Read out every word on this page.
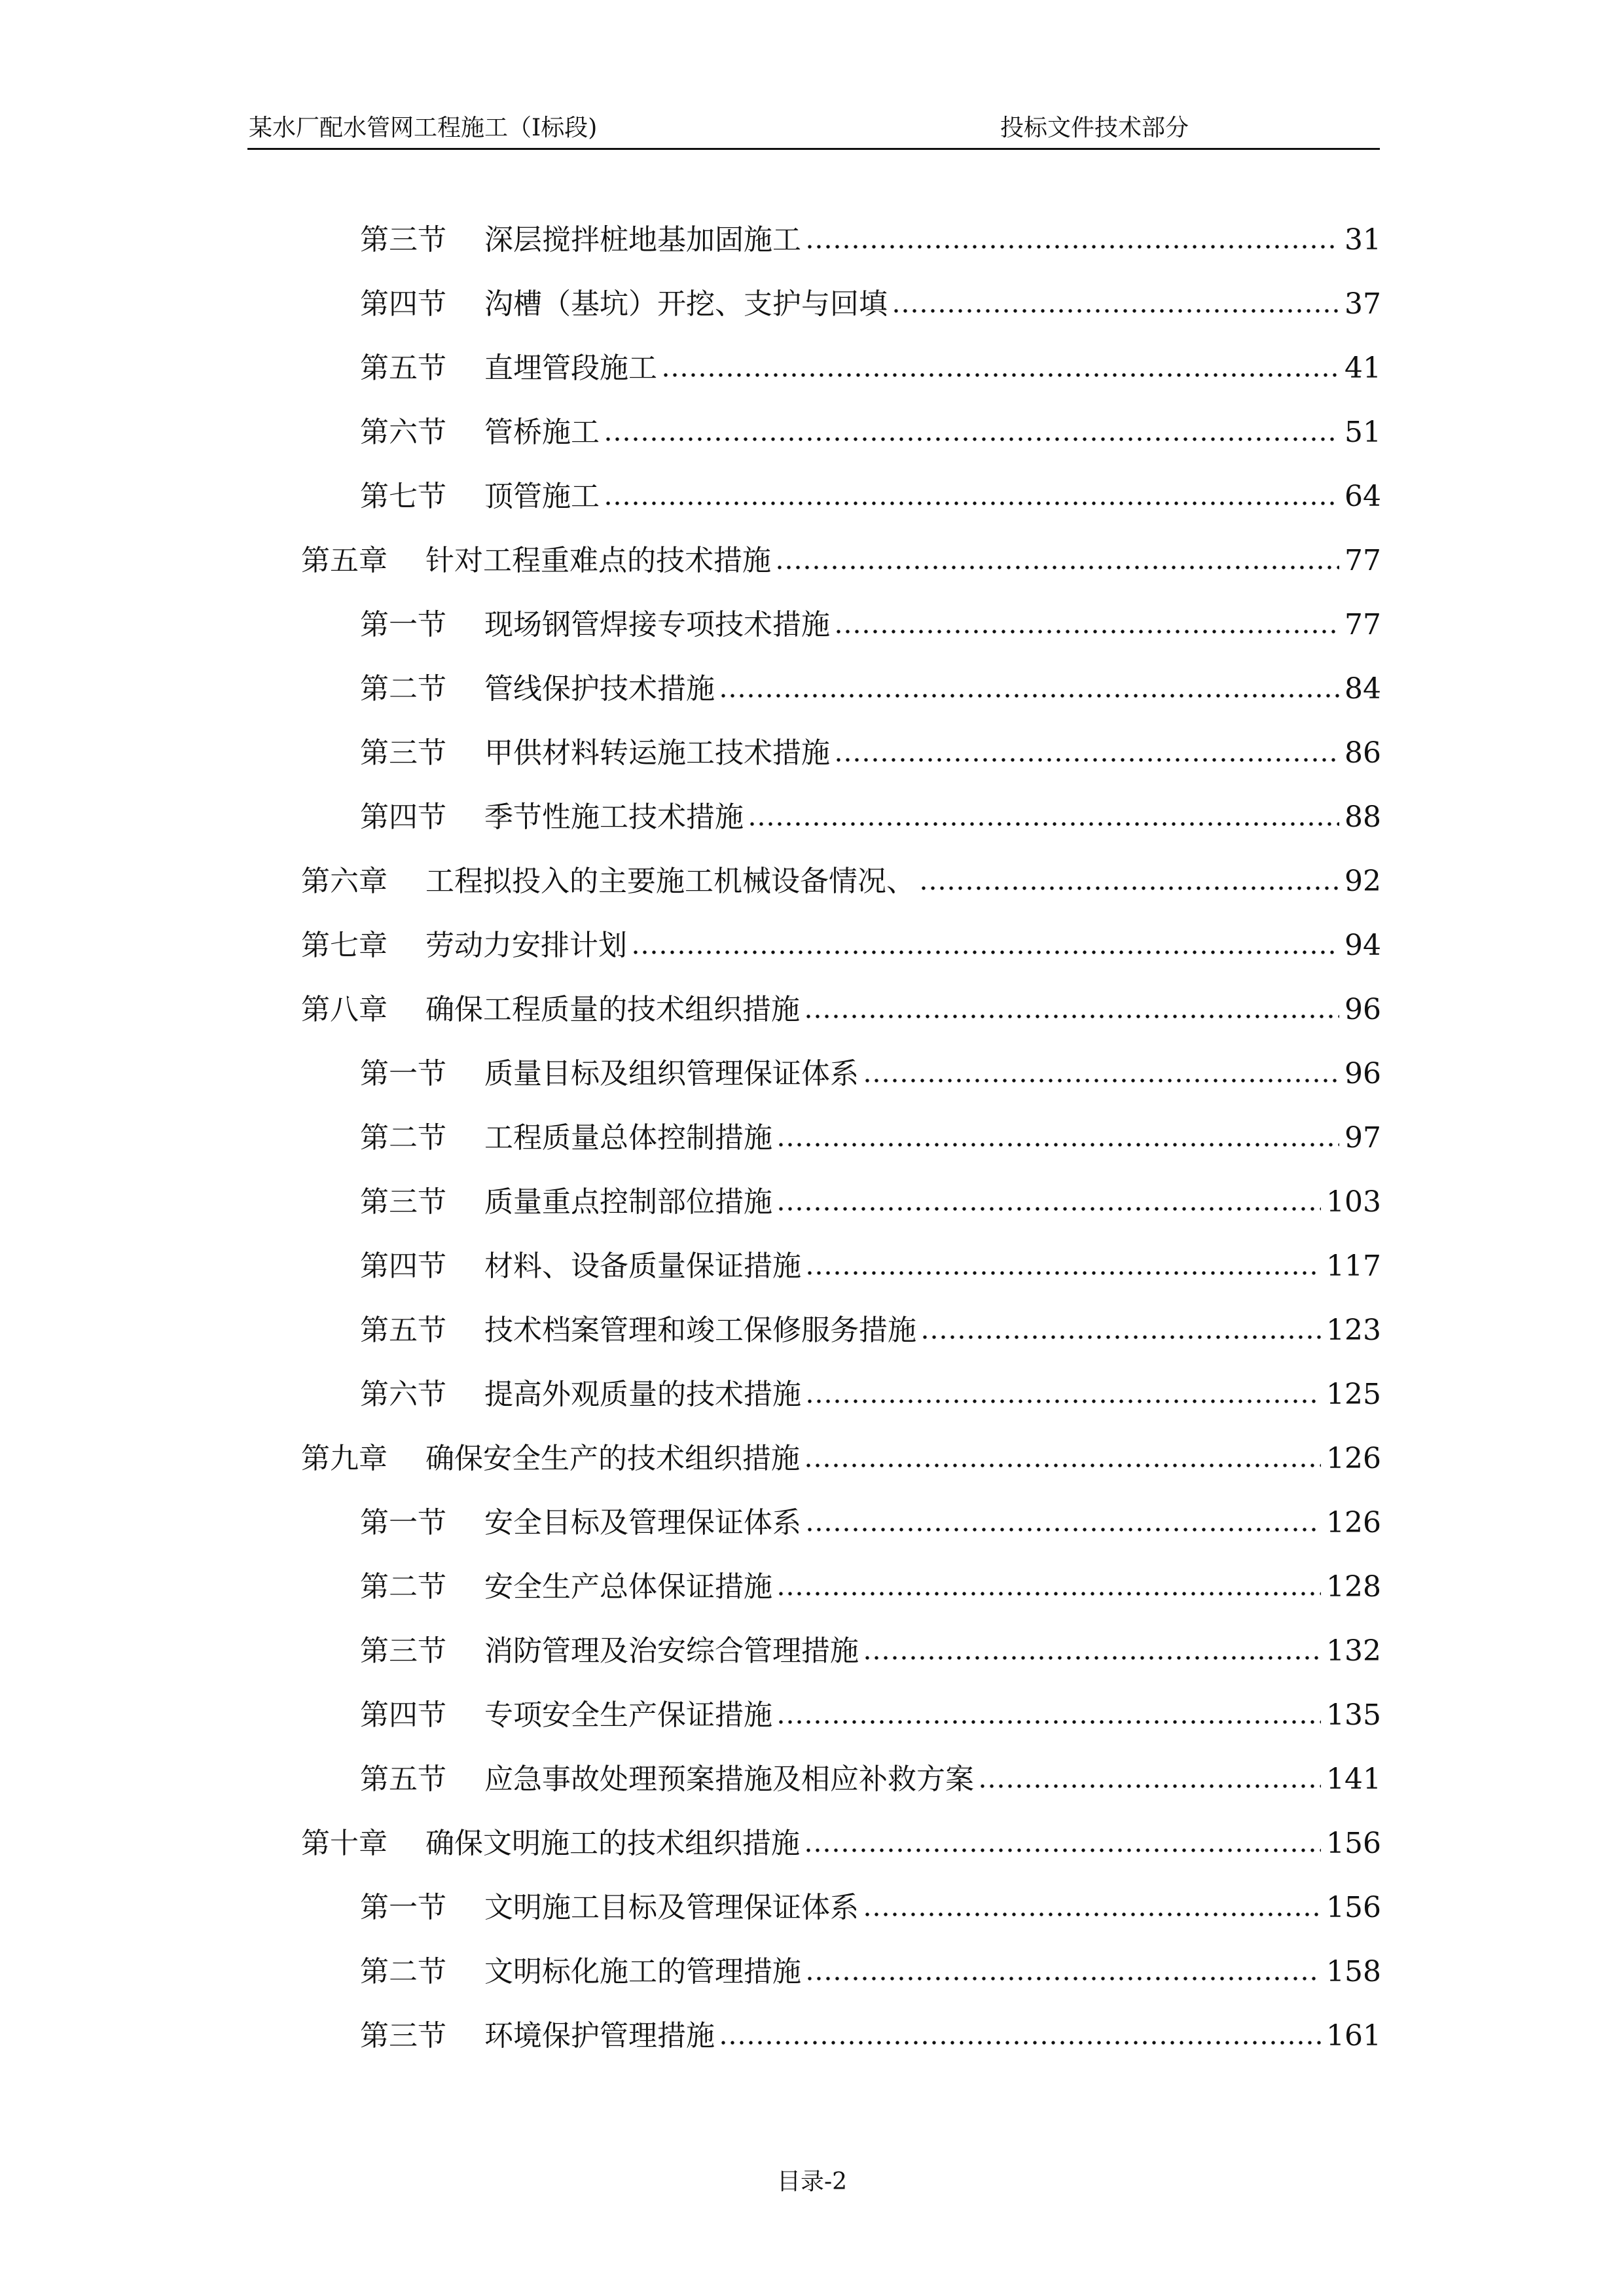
某水厂配水管网工程施工（Ⅰ标段)	投标文件技术部分
第三节 深层搅拌桩地基加固施工	31
第四节 沟槽（基坑）开挖、支护与回填	37
第五节 直埋管段施工	41
第六节 管桥施工	51
第七节 顶管施工	64
第五章 针对工程重难点的技术措施	77
第一节 现场钢管焊接专项技术措施	77
第二节 管线保护技术措施	84
第三节 甲供材料转运施工技术措施	86
第四节 季节性施工技术措施	88
第六章 工程拟投入的主要施工机械设备情况、	92
第七章 劳动力安排计划	94
第八章 确保工程质量的技术组织措施	96
第一节 质量目标及组织管理保证体系	96
第二节 工程质量总体控制措施	97
第三节 质量重点控制部位措施	103
第四节 材料、设备质量保证措施	117
第五节 技术档案管理和竣工保修服务措施	123
第六节 提高外观质量的技术措施	125
第九章 确保安全生产的技术组织措施	126
第一节 安全目标及管理保证体系	126
第二节 安全生产总体保证措施	128
第三节 消防管理及治安综合管理措施	132
第四节 专项安全生产保证措施	135
第五节 应急事故处理预案措施及相应补救方案	141
第十章 确保文明施工的技术组织措施	156
第一节 文明施工目标及管理保证体系	156
第二节 文明标化施工的管理措施	158
第三节 环境保护管理措施	161
目录-2
